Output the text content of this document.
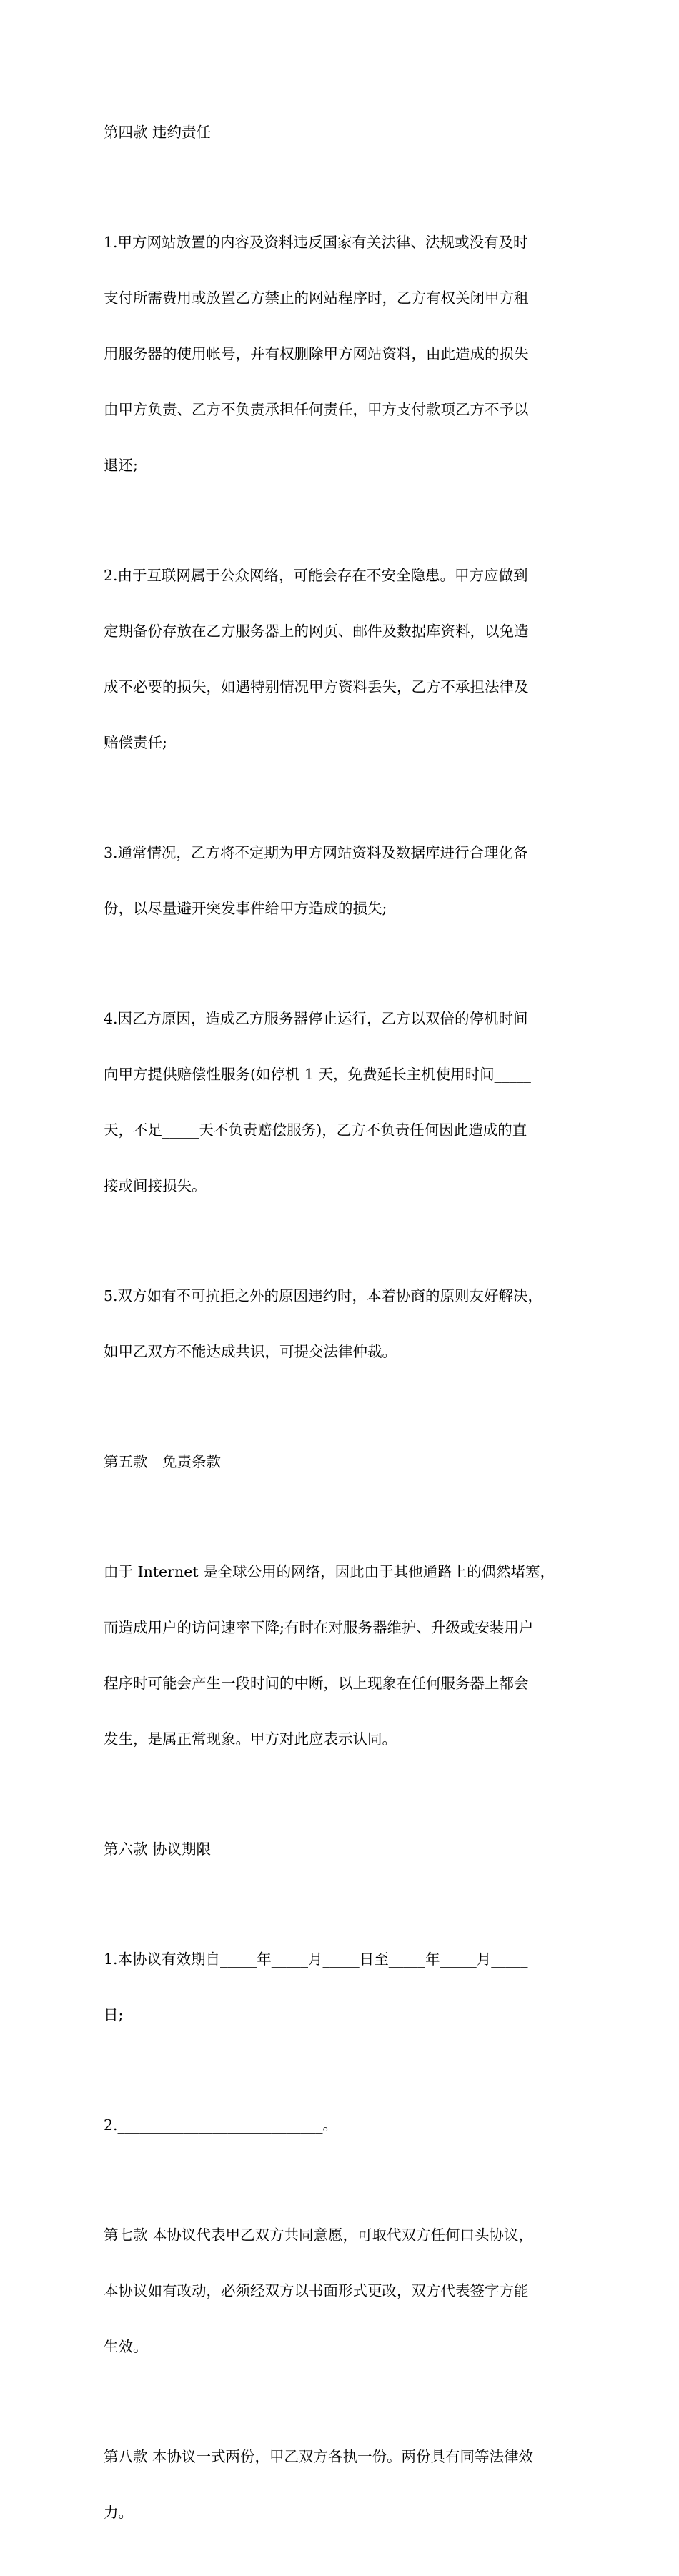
第四款 违约责任

1.甲方网站放置的内容及资料违反国家有关法律、法规或没有及时

支付所需费用或放置乙方禁止的网站程序时，乙方有权关闭甲方租

用服务器的使用帐号，并有权删除甲方网站资料，由此造成的损失

由甲方负责、乙方不负责承担任何责任，甲方支付款项乙方不予以

退还;

2.由于互联网属于公众网络，可能会存在不安全隐患。甲方应做到

定期备份存放在乙方服务器上的网页、邮件及数据库资料，以免造

成不必要的损失，如遇特别情况甲方资料丢失，乙方不承担法律及

赔偿责任;

3.通常情况，乙方将不定期为甲方网站资料及数据库进行合理化备

份，以尽量避开突发事件给甲方造成的损失;

4.因乙方原因，造成乙方服务器停止运行，乙方以双倍的停机时间

向甲方提供赔偿性服务(如停机 1 天，免费延长主机使用时间_____

天，不足_____天不负责赔偿服务)，乙方不负责任何因此造成的直

接或间接损失。

5.双方如有不可抗拒之外的原因违约时，本着协商的原则友好解决，

如甲乙双方不能达成共识，可提交法律仲裁。

第五款　免责条款

由于 Internet 是全球公用的网络，因此由于其他通路上的偶然堵塞，

而造成用户的访问速率下降;有时在对服务器维护、升级或安装用户

程序时可能会产生一段时间的中断，以上现象在任何服务器上都会

发生，是属正常现象。甲方对此应表示认同。

第六款 协议期限

1.本协议有效期自_____年_____月_____日至_____年_____月_____

日;

2.____________________________。

第七款 本协议代表甲乙双方共同意愿，可取代双方任何口头协议，

本协议如有改动，必须经双方以书面形式更改，双方代表签字方能

生效。

第八款 本协议一式两份，甲乙双方各执一份。两份具有同等法律效

力。
